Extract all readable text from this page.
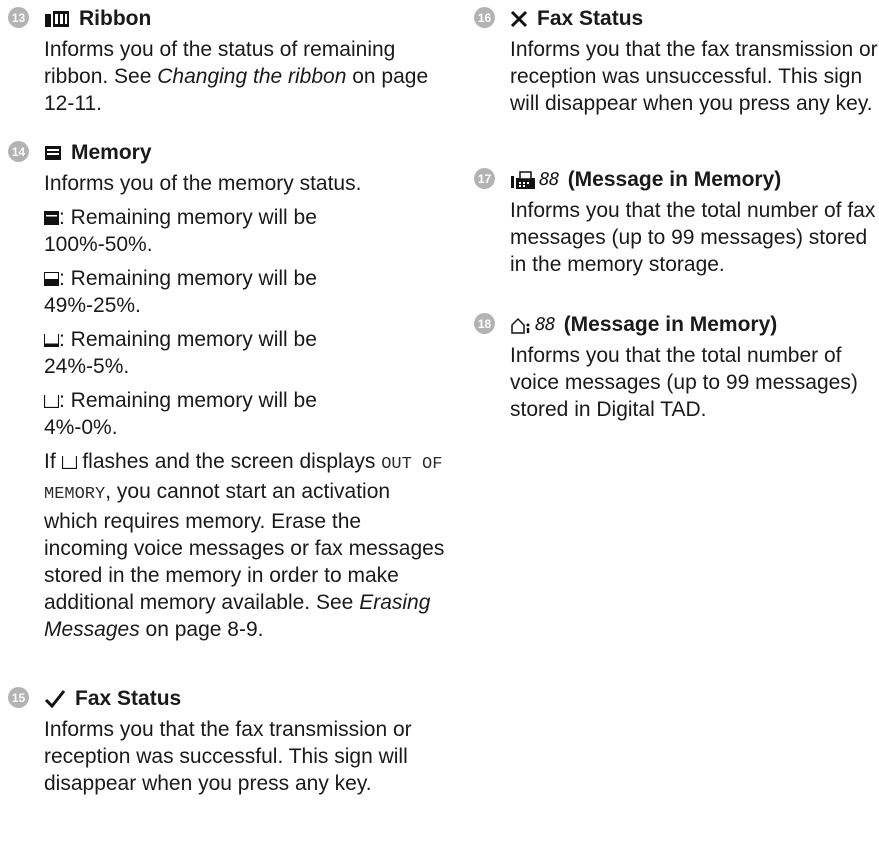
13	Ribbon
Informs you of the status of remaining ribbon. See Changing the ribbon on page 12-11.
14 Memory

Informs you of the memory status.

: Remaining memory will be
100%-50%.

: Remaining memory will be
49%-25%.

: Remaining memory will be
24%-5%.

: Remaining memory will be
4%-0%.

If  flashes and the screen displays OUT OF MEMORY, you cannot start an activation which requires memory. Erase the incoming voice messages or fax messages stored in the memory in order to make additional memory available. See Erasing Messages on page 8-9.

15 Fax Status
Informs you that the fax transmission or reception was successful. This sign will disappear when you press any key.
16 Fax Status
Informs you that the fax transmission or reception was unsuccessful. This sign will disappear when you press any key.
17	88 (Message in Memory)
Informs you that the total number of fax messages (up to 99 messages) stored in the memory storage.
18 88 (Message in Memory)
Informs you that the total number of voice messages (up to 99 messages) stored in Digital TAD.
